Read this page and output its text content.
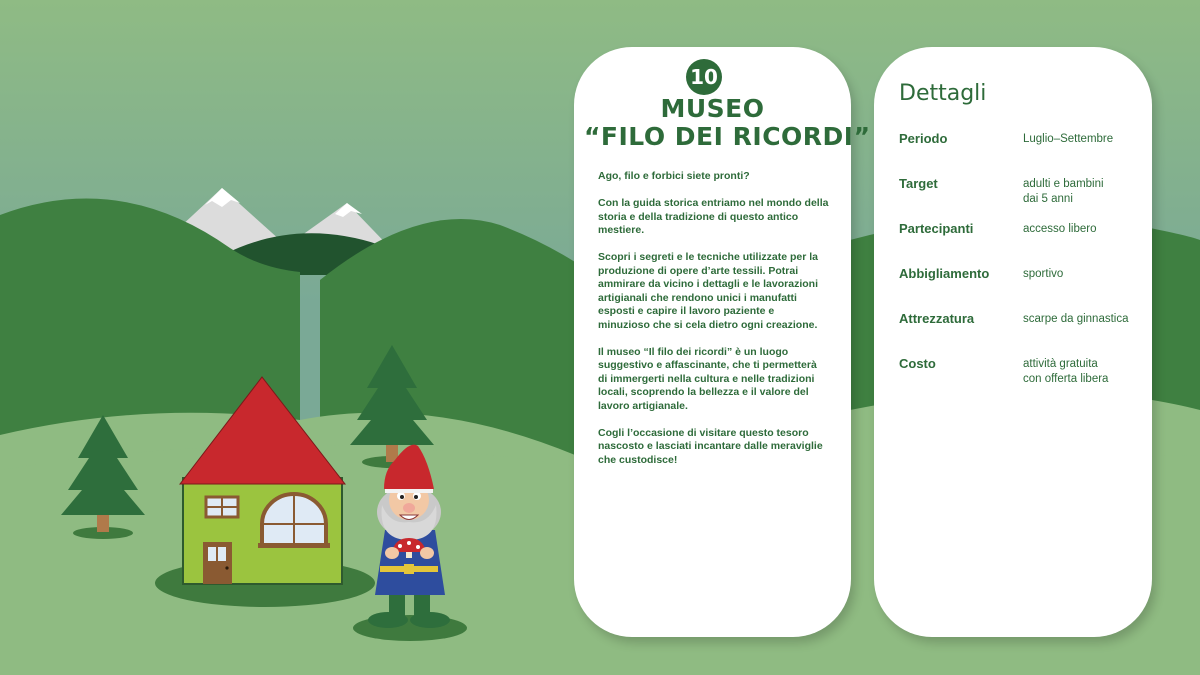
10
MUSEO
“FILO DEI RICORDI”

Ago, filo e forbici siete pronti?

Con la guida storica entriamo nel mondo della storia e della tradizione di questo antico mestiere.

Scopri i segreti e le tecniche utilizzate per la produzione di opere d’arte tessili. Potrai ammirare da vicino i dettagli e le lavorazioni artigianali che rendono unici i manufatti esposti e capire il lavoro paziente e minuzioso che si cela dietro ogni creazione.

Il museo “Il filo dei ricordi” è un luogo suggestivo e affascinante, che ti permetterà di immergerti nella cultura e nelle tradizioni locali, scoprendo la bellezza e il valore del lavoro artigianale.

Cogli l’occasione di visitare questo tesoro nascosto e lasciati incantare dalle meraviglie che custodisce!

Dettagli
Periodo	Luglio–Settembre
Target	adulti e bambini
dai 5 anni
Partecipanti	accesso libero
Abbigliamento	sportivo
Attrezzatura	scarpe da ginnastica
Costo	attività gratuita
con offerta libera
